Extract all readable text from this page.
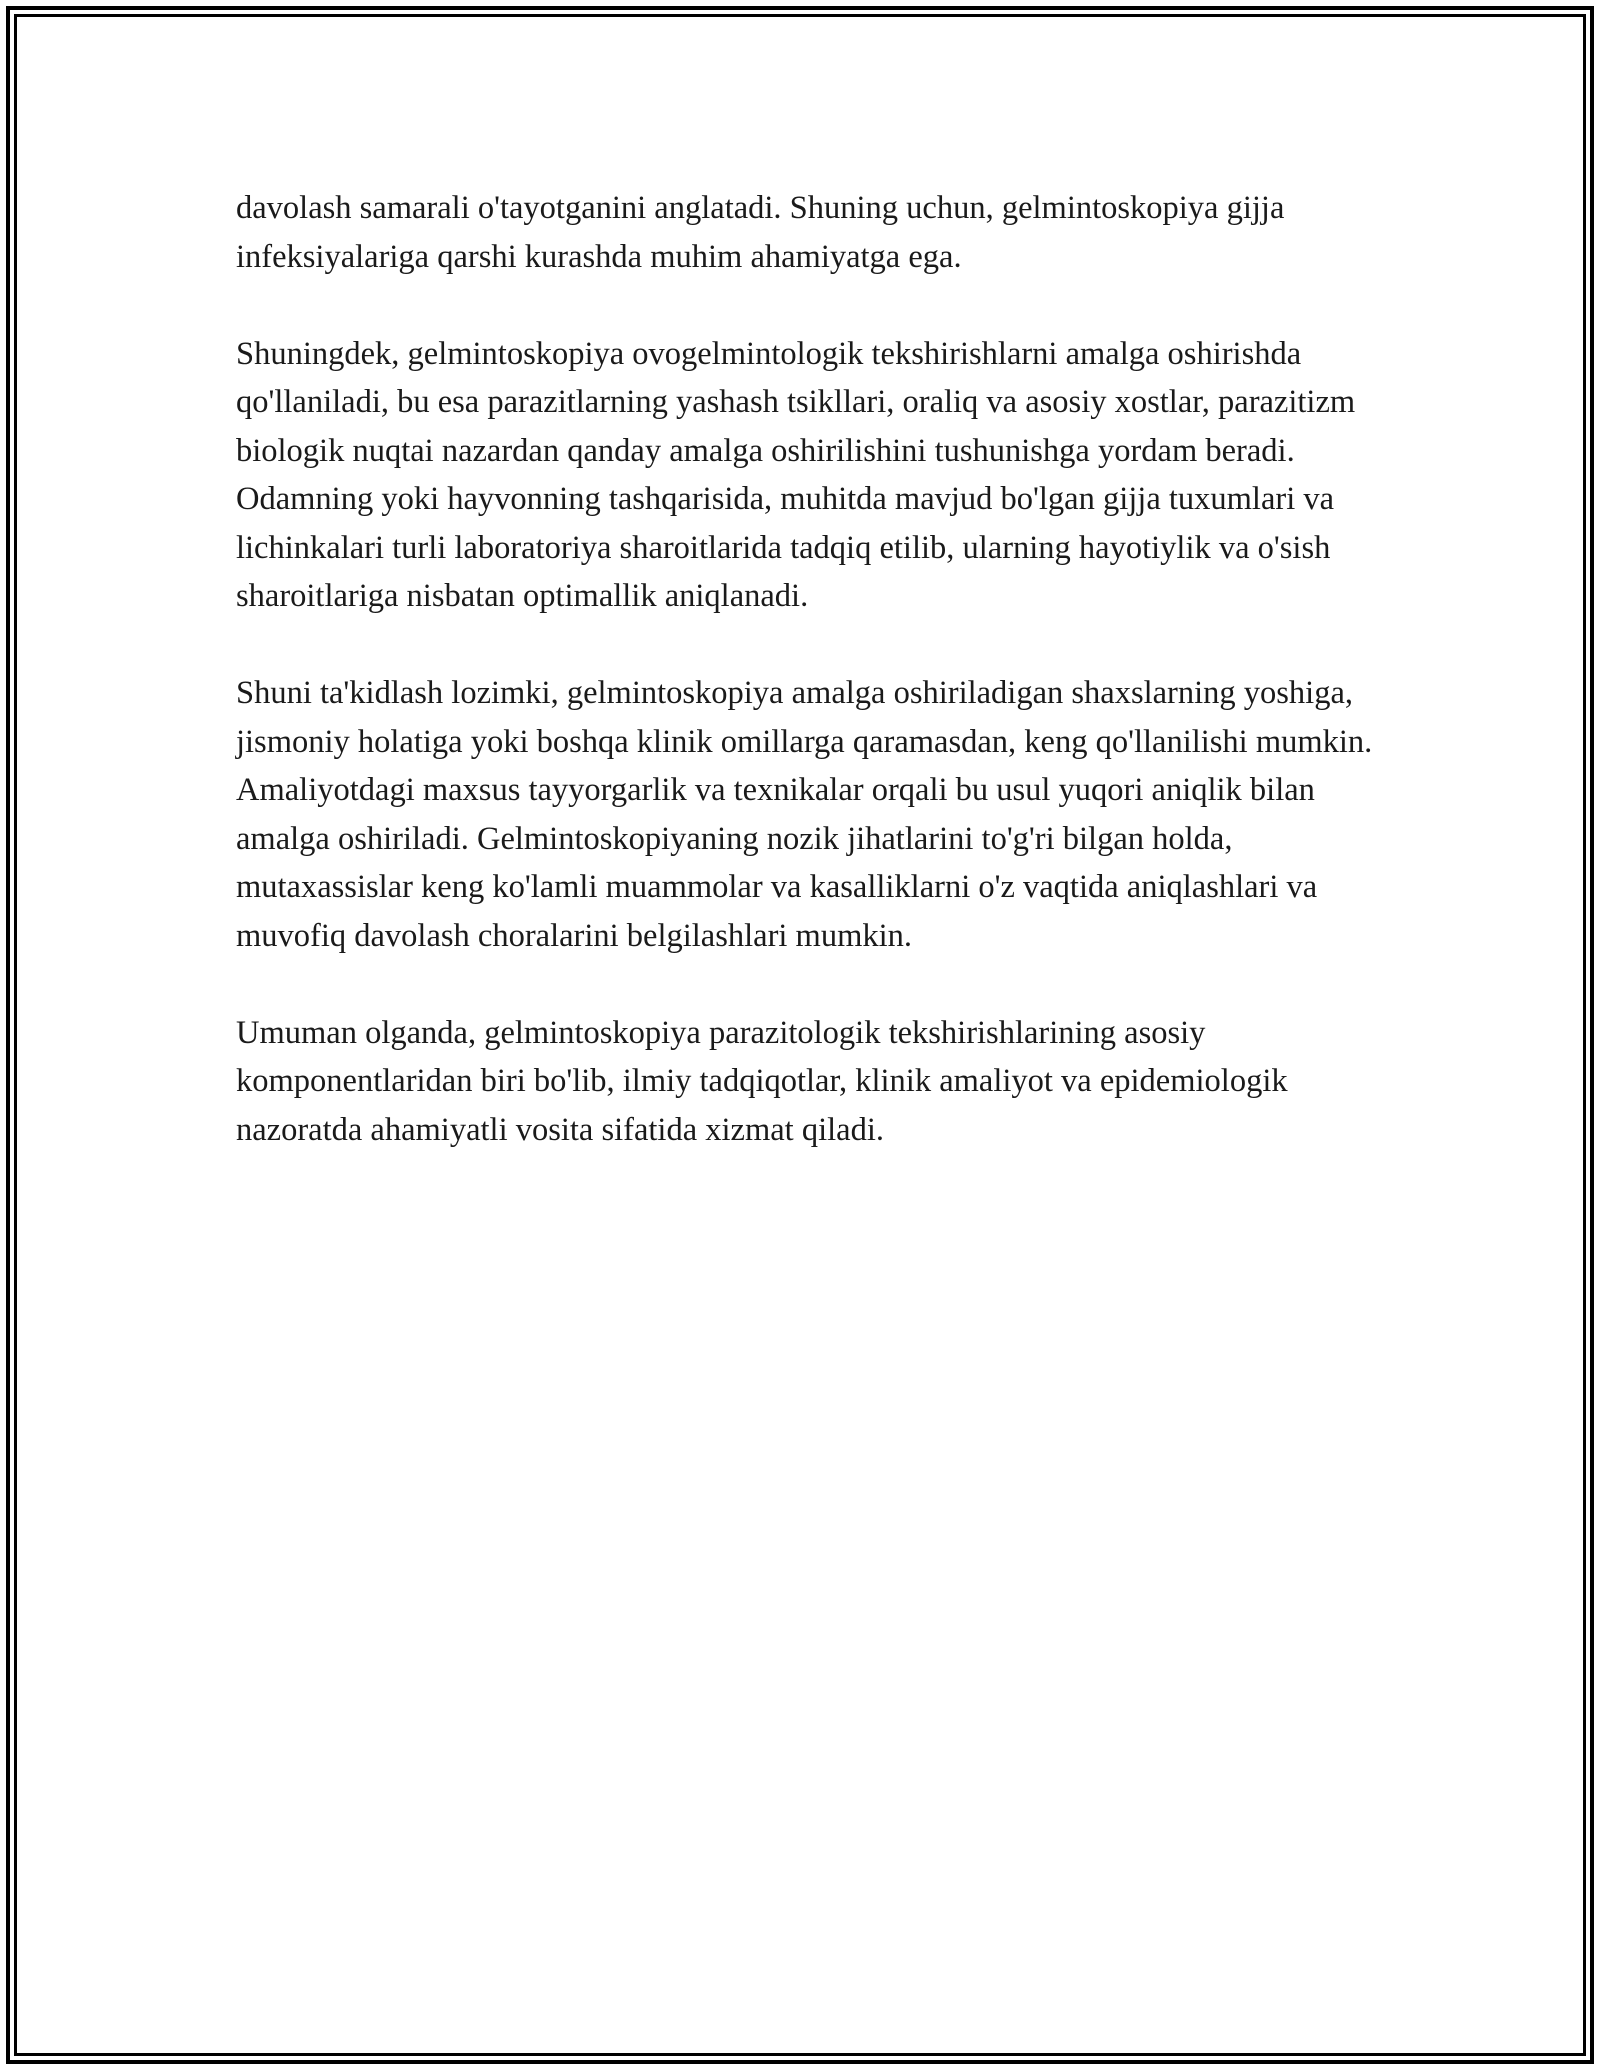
davolash samarali o'tayotganini anglatadi. Shuning uchun, gelmintoskopiya gijja infeksiyalariga qarshi kurashda muhim ahamiyatga ega.

Shuningdek, gelmintoskopiya ovogelmintologik tekshirishlarni amalga oshirishda qo'llaniladi, bu esa parazitlarning yashash tsikllari, oraliq va asosiy xostlar, parazitizm biologik nuqtai nazardan qanday amalga oshirilishini tushunishga yordam beradi. Odamning yoki hayvonning tashqarisida, muhitda mavjud bo'lgan gijja tuxumlari va lichinkalari turli laboratoriya sharoitlarida tadqiq etilib, ularning hayotiylik va o'sish sharoitlariga nisbatan optimallik aniqlanadi.

Shuni ta'kidlash lozimki, gelmintoskopiya amalga oshiriladigan shaxslarning yoshiga, jismoniy holatiga yoki boshqa klinik omillarga qaramasdan, keng qo'llanilishi mumkin. Amaliyotdagi maxsus tayyorgarlik va texnikalar orqali bu usul yuqori aniqlik bilan amalga oshiriladi. Gelmintoskopiyaning nozik jihatlarini to'g'ri bilgan holda, mutaxassislar keng ko'lamli muammolar va kasalliklarni o'z vaqtida aniqlashlari va muvofiq davolash choralarini belgilashlari mumkin.

Umuman olganda, gelmintoskopiya parazitologik tekshirishlarining asosiy komponentlaridan biri bo'lib, ilmiy tadqiqotlar, klinik amaliyot va epidemiologik nazoratda ahamiyatli vosita sifatida xizmat qiladi.
